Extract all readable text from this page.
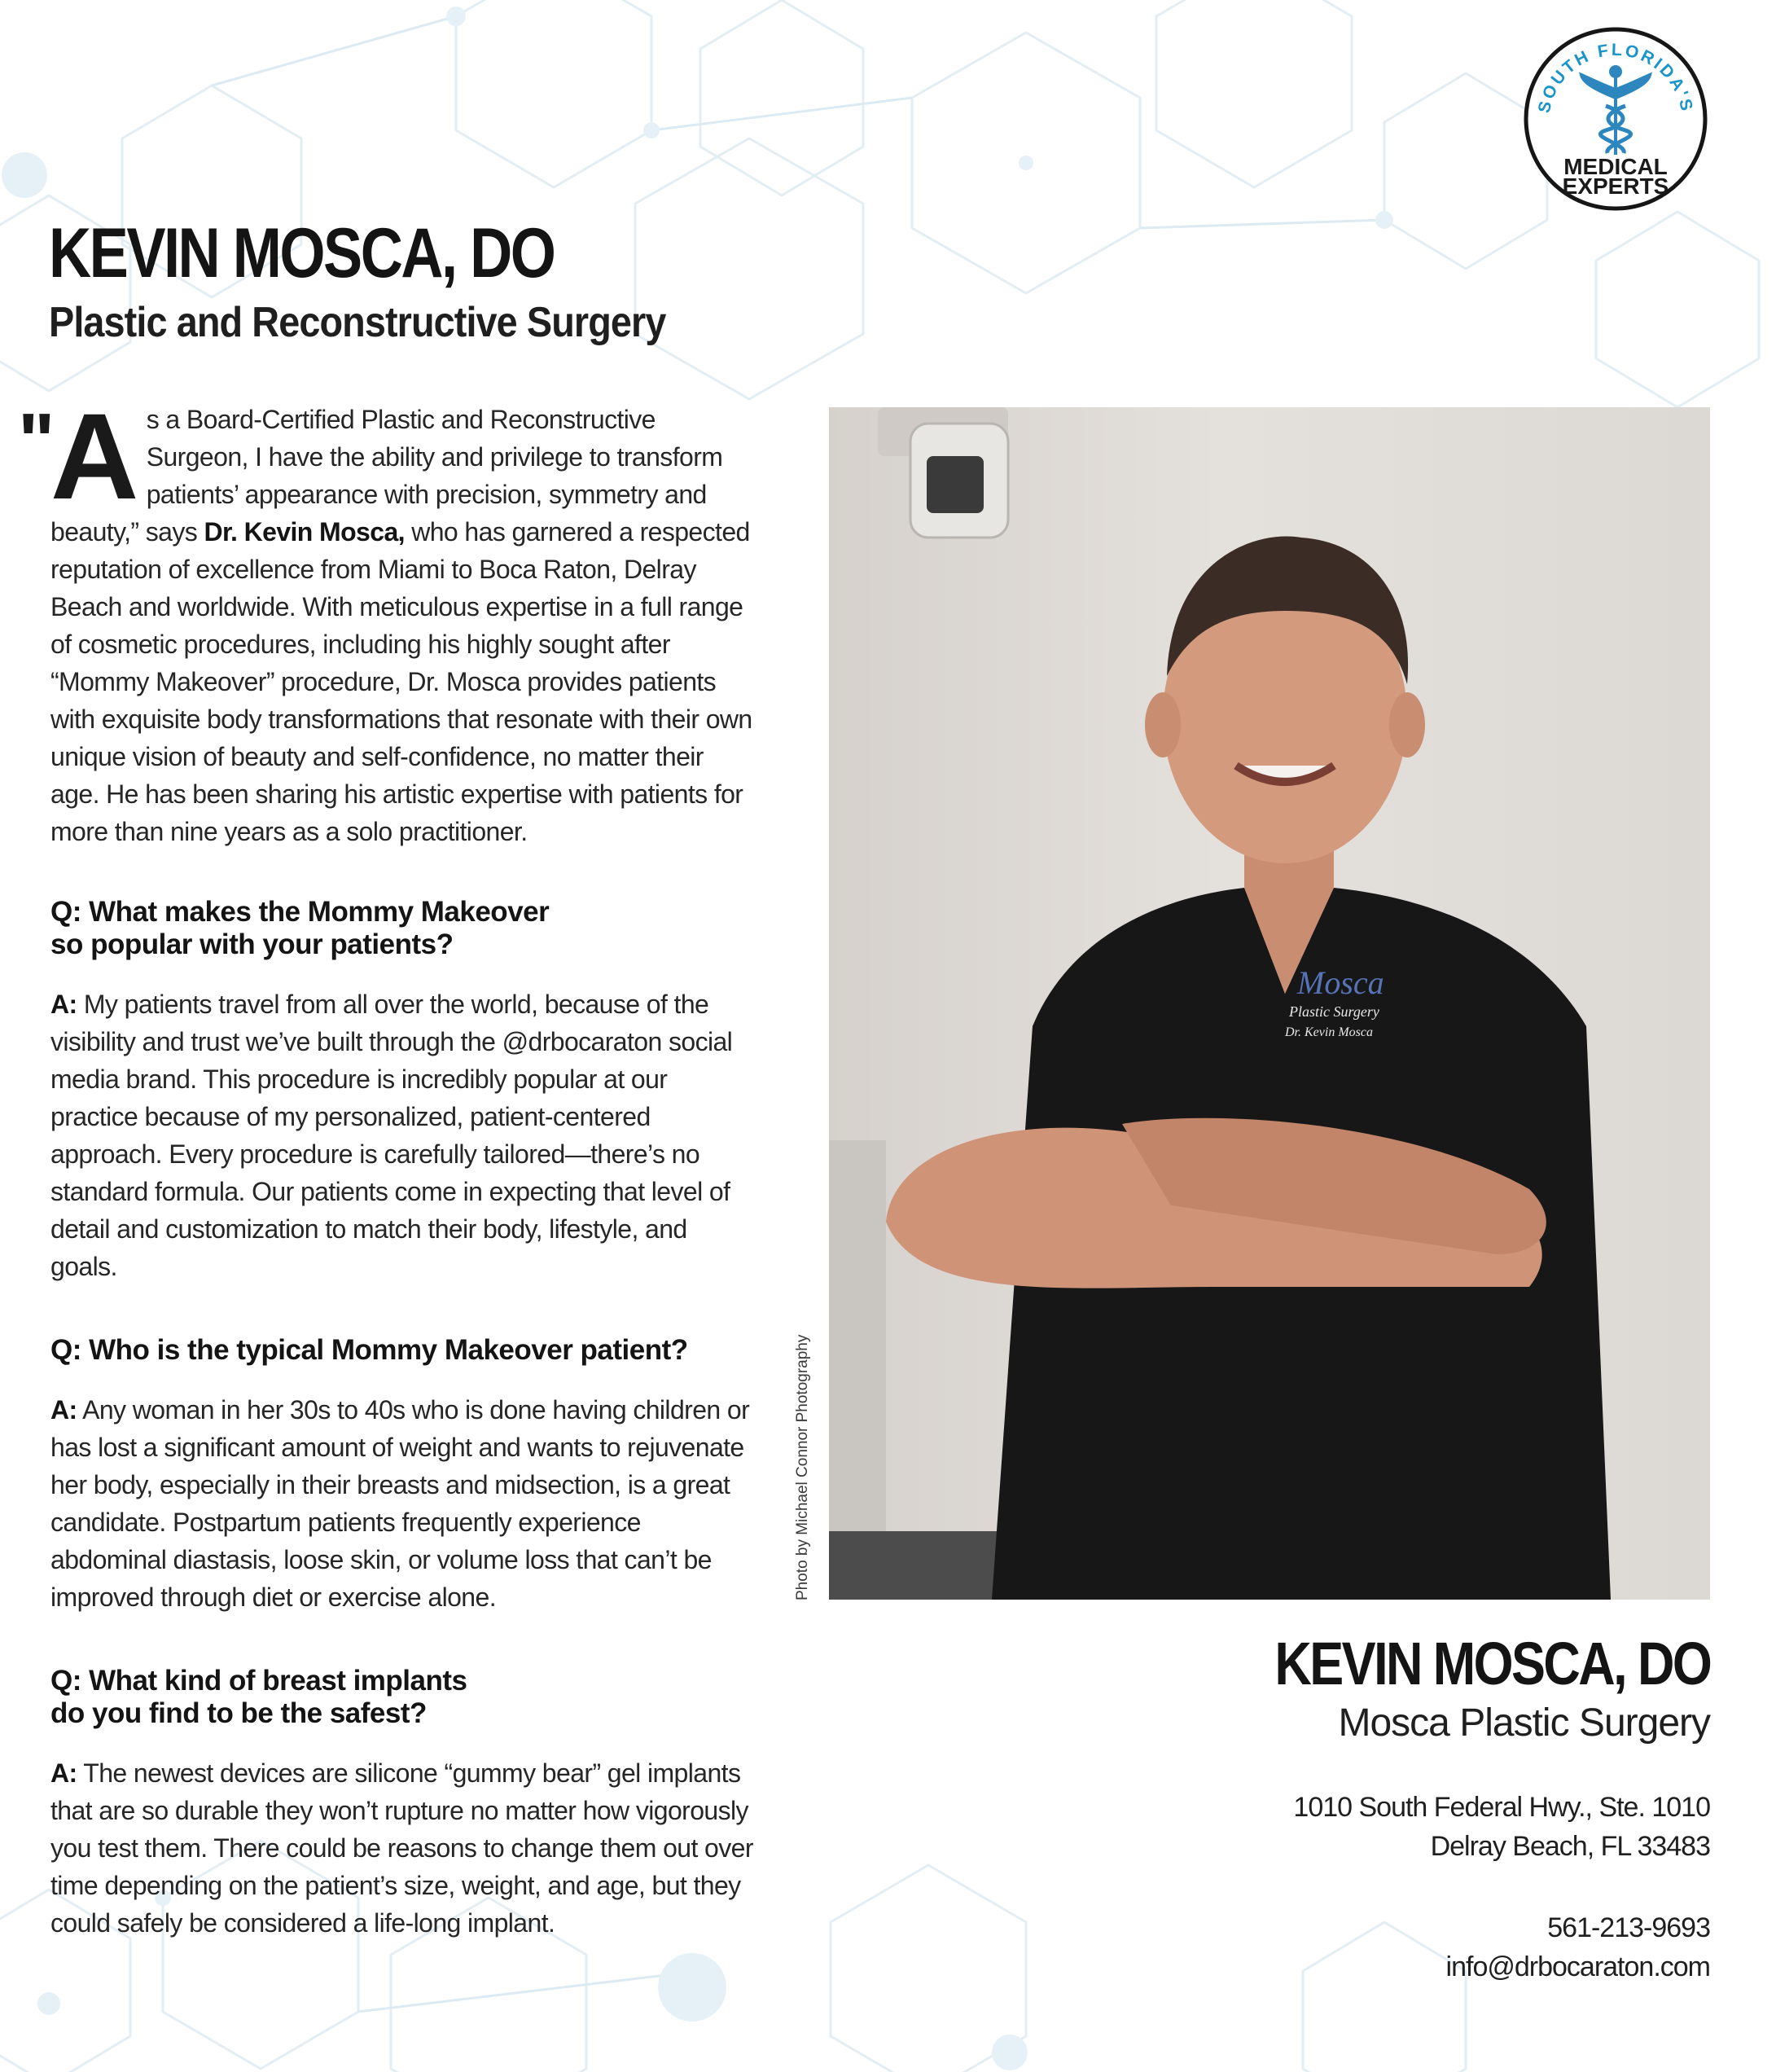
SOUTH FLORIDA'S
MEDICAL
EXPERTS
KEVIN MOSCA, DO
Plastic and Reconstructive Surgery
"

As a Board-Certified Plastic and Reconstructive Surgeon, I have the ability and privilege to transform patients’ appearance with precision, symmetry and beauty,” says Dr. Kevin Mosca, who has garnered a respected reputation of excellence from Miami to Boca Raton, Delray Beach and worldwide. With meticulous expertise in a full range of cosmetic procedures, including his highly sought after “Mommy Makeover” procedure, Dr. Mosca provides patients with exquisite body transformations that resonate with their own unique vision of beauty and self-confidence, no matter their age. He has been sharing his artistic expertise with patients for more than nine years as a solo practitioner.

Q: What makes the Mommy Makeover so popular with your patients?

A: My patients travel from all over the world, because of the visibility and trust we’ve built through the @drbocaraton social media brand. This procedure is incredibly popular at our practice because of my personalized, patient-centered approach. Every procedure is carefully tailored—there’s no standard formula. Our patients come in expecting that level of detail and customization to match their body, lifestyle, and goals.

Q: Who is the typical Mommy Makeover patient?

A: Any woman in her 30s to 40s who is done having children or has lost a significant amount of weight and wants to rejuvenate her body, especially in their breasts and midsection, is a great candidate. Postpartum patients frequently experience abdominal diastasis, loose skin, or volume loss that can’t be improved through diet or exercise alone.

Q: What kind of breast implants do you find to be the safest?

A: The newest devices are silicone “gummy bear” gel implants that are so durable they won’t rupture no matter how vigorously you test them. There could be reasons to change them out over time depending on the patient’s size, weight, and age, but they could safely be considered a life-long implant.

Mosca
Plastic Surgery
Dr. Kevin Mosca
Photo by Michael Connor Photography

KEVIN MOSCA, DO

Mosca Plastic Surgery

1010 South Federal Hwy., Ste. 1010

Delray Beach, FL 33483

561-213-9693

info@drbocaraton.com
